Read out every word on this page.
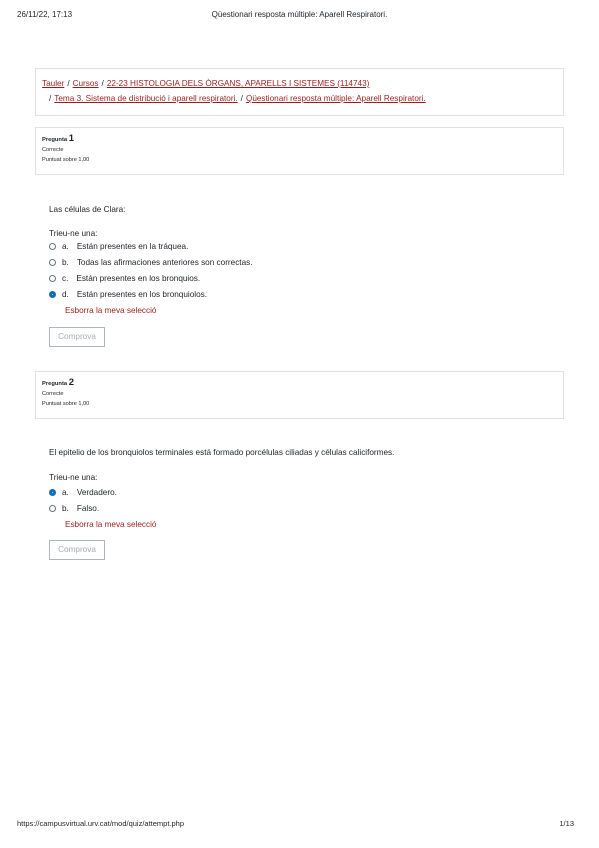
26/11/22, 17:13	Qüestionari resposta múltiple: Aparell Respiratori.
Tauler / Cursos / 22-23 HISTOLOGIA DELS ÒRGANS, APARELLS I SISTEMES (114743)
/ Tema 3. Sistema de distribució i aparell respiratori. / Qüestionari resposta múltiple: Aparell Respiratori.
Pregunta 1
Correcte
Puntuat sobre 1,00
Las células de Clara:
Trieu-ne una:
a. Están presentes en la tráquea.
b. Todas las afirmaciones anteriores son correctas.
c. Están presentes en los bronquios.
d. Están presentes en los bronquiolos.
Esborra la meva selecció
Comprova
Pregunta 2
Correcte
Puntuat sobre 1,00
El epitelio de los bronquiolos terminales está formado porcélulas ciliadas y células caliciformes.
Trieu-ne una:
a. Verdadero.
b. Falso.
Esborra la meva selecció
Comprova
https://campusvirtual.urv.cat/mod/quiz/attempt.php	1/13
